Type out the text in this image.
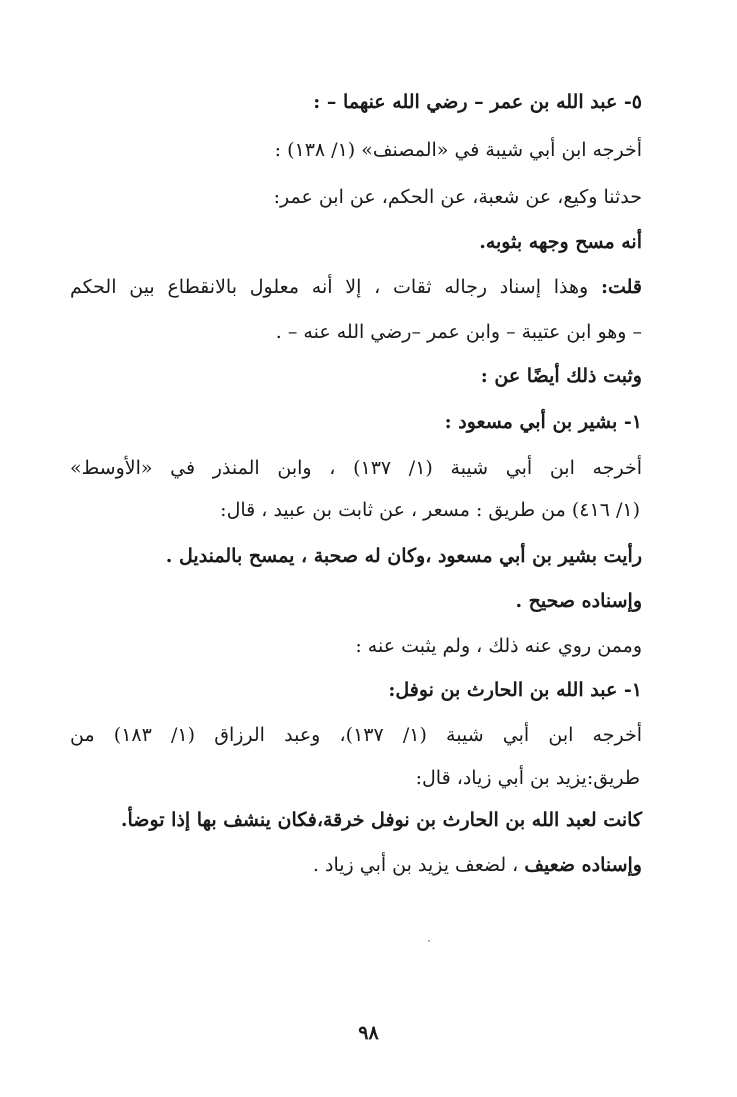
٥- عبد الله بن عمر – رضي الله عنهما – :
أخرجه ابن أبي شيبة في «المصنف» (١/ ١٣٨) :
حدثنا وكيع، عن شعبة، عن الحكم، عن ابن عمر:
أنه مسح وجهه بثوبه.
قلت: وهذا إسناد رجاله ثقات ، إلا أنه معلول بالانقطاع بين الحكم
– وهو ابن عتيبة – وابن عمر –رضي الله عنه – .
وثبت ذلك أيضًا عن :
١- بشير بن أبي مسعود :
أخرجه ابن أبي شيبة (١/ ١٣٧) ، وابن المنذر في «الأوسط»
(١/ ٤١٦) من طريق : مسعر ، عن ثابت بن عبيد ، قال:
رأيت بشير بن أبي مسعود ،وكان له صحبة ، يمسح بالمنديل .
وإسناده صحيح .
وممن روي عنه ذلك ، ولم يثبت عنه :
١- عبد الله بن الحارث بن نوفل:
أخرجه ابن أبي شيبة (١/ ١٣٧)، وعبد الرزاق (١/ ١٨٣) من
طريق:يزيد بن أبي زياد، قال:
كانت لعبد الله بن الحارث بن نوفل خرقة،فكان ينشف بها إذا توضأ.
وإسناده ضعيف ، لضعف يزيد بن أبي زياد .
٩٨
